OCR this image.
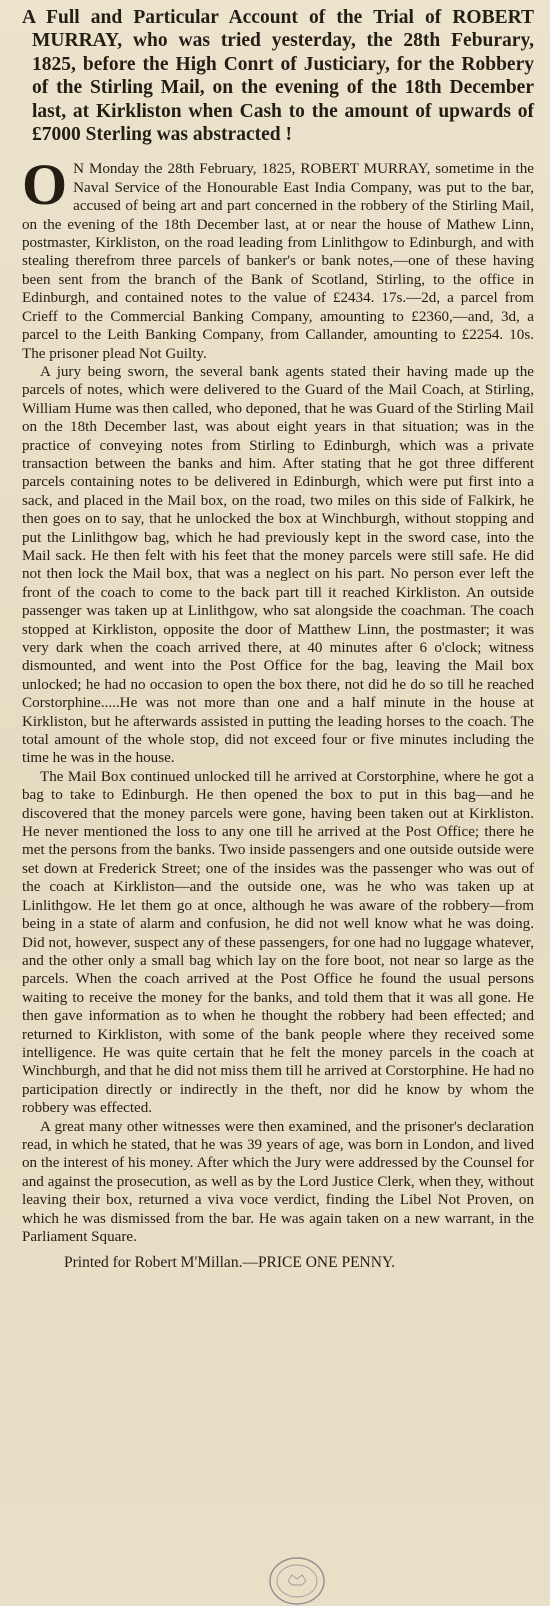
A Full and Particular Account of the Trial of ROBERT MURRAY, who was tried yesterday, the 28th Feburary, 1825, before the High Conrt of Justiciary, for the Robbery of the Stirling Mail, on the evening of the 18th December last, at Kirkliston when Cash to the amount of upwards of £7000 Sterling was abstracted !

O N Monday the 28th February, 1825, ROBERT MURRAY, sometime in the Naval Service of the Honourable East India Company, was put to the bar, accused of being art and part concerned in the robbery of the Stirling Mail, on the evening of the 18th December last, at or near the house of Mathew Linn, postmaster, Kirkliston, on the road leading from Linlithgow to Edinburgh, and with stealing therefrom three parcels of banker's or bank notes,—one of these having been sent from the branch of the Bank of Scotland, Stirling, to the office in Edinburgh, and contained notes to the value of £2434. 17s.—2d, a parcel from Crieff to the Commercial Banking Company, amounting to £2360,—and, 3d, a parcel to the Leith Banking Company, from Callander, amounting to £2254. 10s. The prisoner plead Not Guilty.

A jury being sworn, the several bank agents stated their having made up the parcels of notes, which were delivered to the Guard of the Mail Coach, at Stirling, William Hume was then called, who deponed, that he was Guard of the Stirling Mail on the 18th December last, was about eight years in that situation; was in the practice of conveying notes from Stirling to Edinburgh, which was a private transaction between the banks and him. After stating that he got three different parcels containing notes to be delivered in Edinburgh, which were put first into a sack, and placed in the Mail box, on the road, two miles on this side of Falkirk, he then goes on to say, that he unlocked the box at Winchburgh, without stopping and put the Linlithgow bag, which he had previously kept in the sword case, into the Mail sack. He then felt with his feet that the money parcels were still safe. He did not then lock the Mail box, that was a neglect on his part. No person ever left the front of the coach to come to the back part till it reached Kirkliston. An outside passenger was taken up at Linlithgow, who sat alongside the coachman. The coach stopped at Kirkliston, opposite the door of Matthew Linn, the postmaster; it was very dark when the coach arrived there, at 40 minutes after 6 o'clock; witness dismounted, and went into the Post Office for the bag, leaving the Mail box unlocked; he had no occasion to open the box there, not did he do so till he reached Corstorphine.....He was not more than one and a half minute in the house at Kirkliston, but he afterwards assisted in putting the leading horses to the coach. The total amount of the whole stop, did not exceed four or five minutes including the time he was in the house.

The Mail Box continued unlocked till he arrived at Corstorphine, where he got a bag to take to Edinburgh. He then opened the box to put in this bag—and he discovered that the money parcels were gone, having been taken out at Kirkliston. He never mentioned the loss to any one till he arrived at the Post Office; there he met the persons from the banks. Two inside passengers and one outside outside were set down at Frederick Street; one of the insides was the passenger who was out of the coach at Kirkliston—and the outside one, was he who was taken up at Linlithgow. He let them go at once, although he was aware of the robbery—from being in a state of alarm and confusion, he did not well know what he was doing. Did not, however, suspect any of these passengers, for one had no luggage whatever, and the other only a small bag which lay on the fore boot, not near so large as the parcels. When the coach arrived at the Post Office he found the usual persons waiting to receive the money for the banks, and told them that it was all gone. He then gave information as to when he thought the robbery had been effected; and returned to Kirkliston, with some of the bank people where they received some intelligence. He was quite certain that he felt the money parcels in the coach at Winchburgh, and that he did not miss them till he arrived at Corstorphine. He had no participation directly or indirectly in the theft, nor did he know by whom the robbery was effected.

A great many other witnesses were then examined, and the prisoner's declaration read, in which he stated, that he was 39 years of age, was born in London, and lived on the interest of his money. After which the Jury were addressed by the Counsel for and against the prosecution, as well as by the Lord Justice Clerk, when they, without leaving their box, returned a viva voce verdict, finding the Libel Not Proven, on which he was dismissed from the bar. He was again taken on a new warrant, in the Parliament Square.

Printed for Robert M'Millan.—PRICE ONE PENNY.
